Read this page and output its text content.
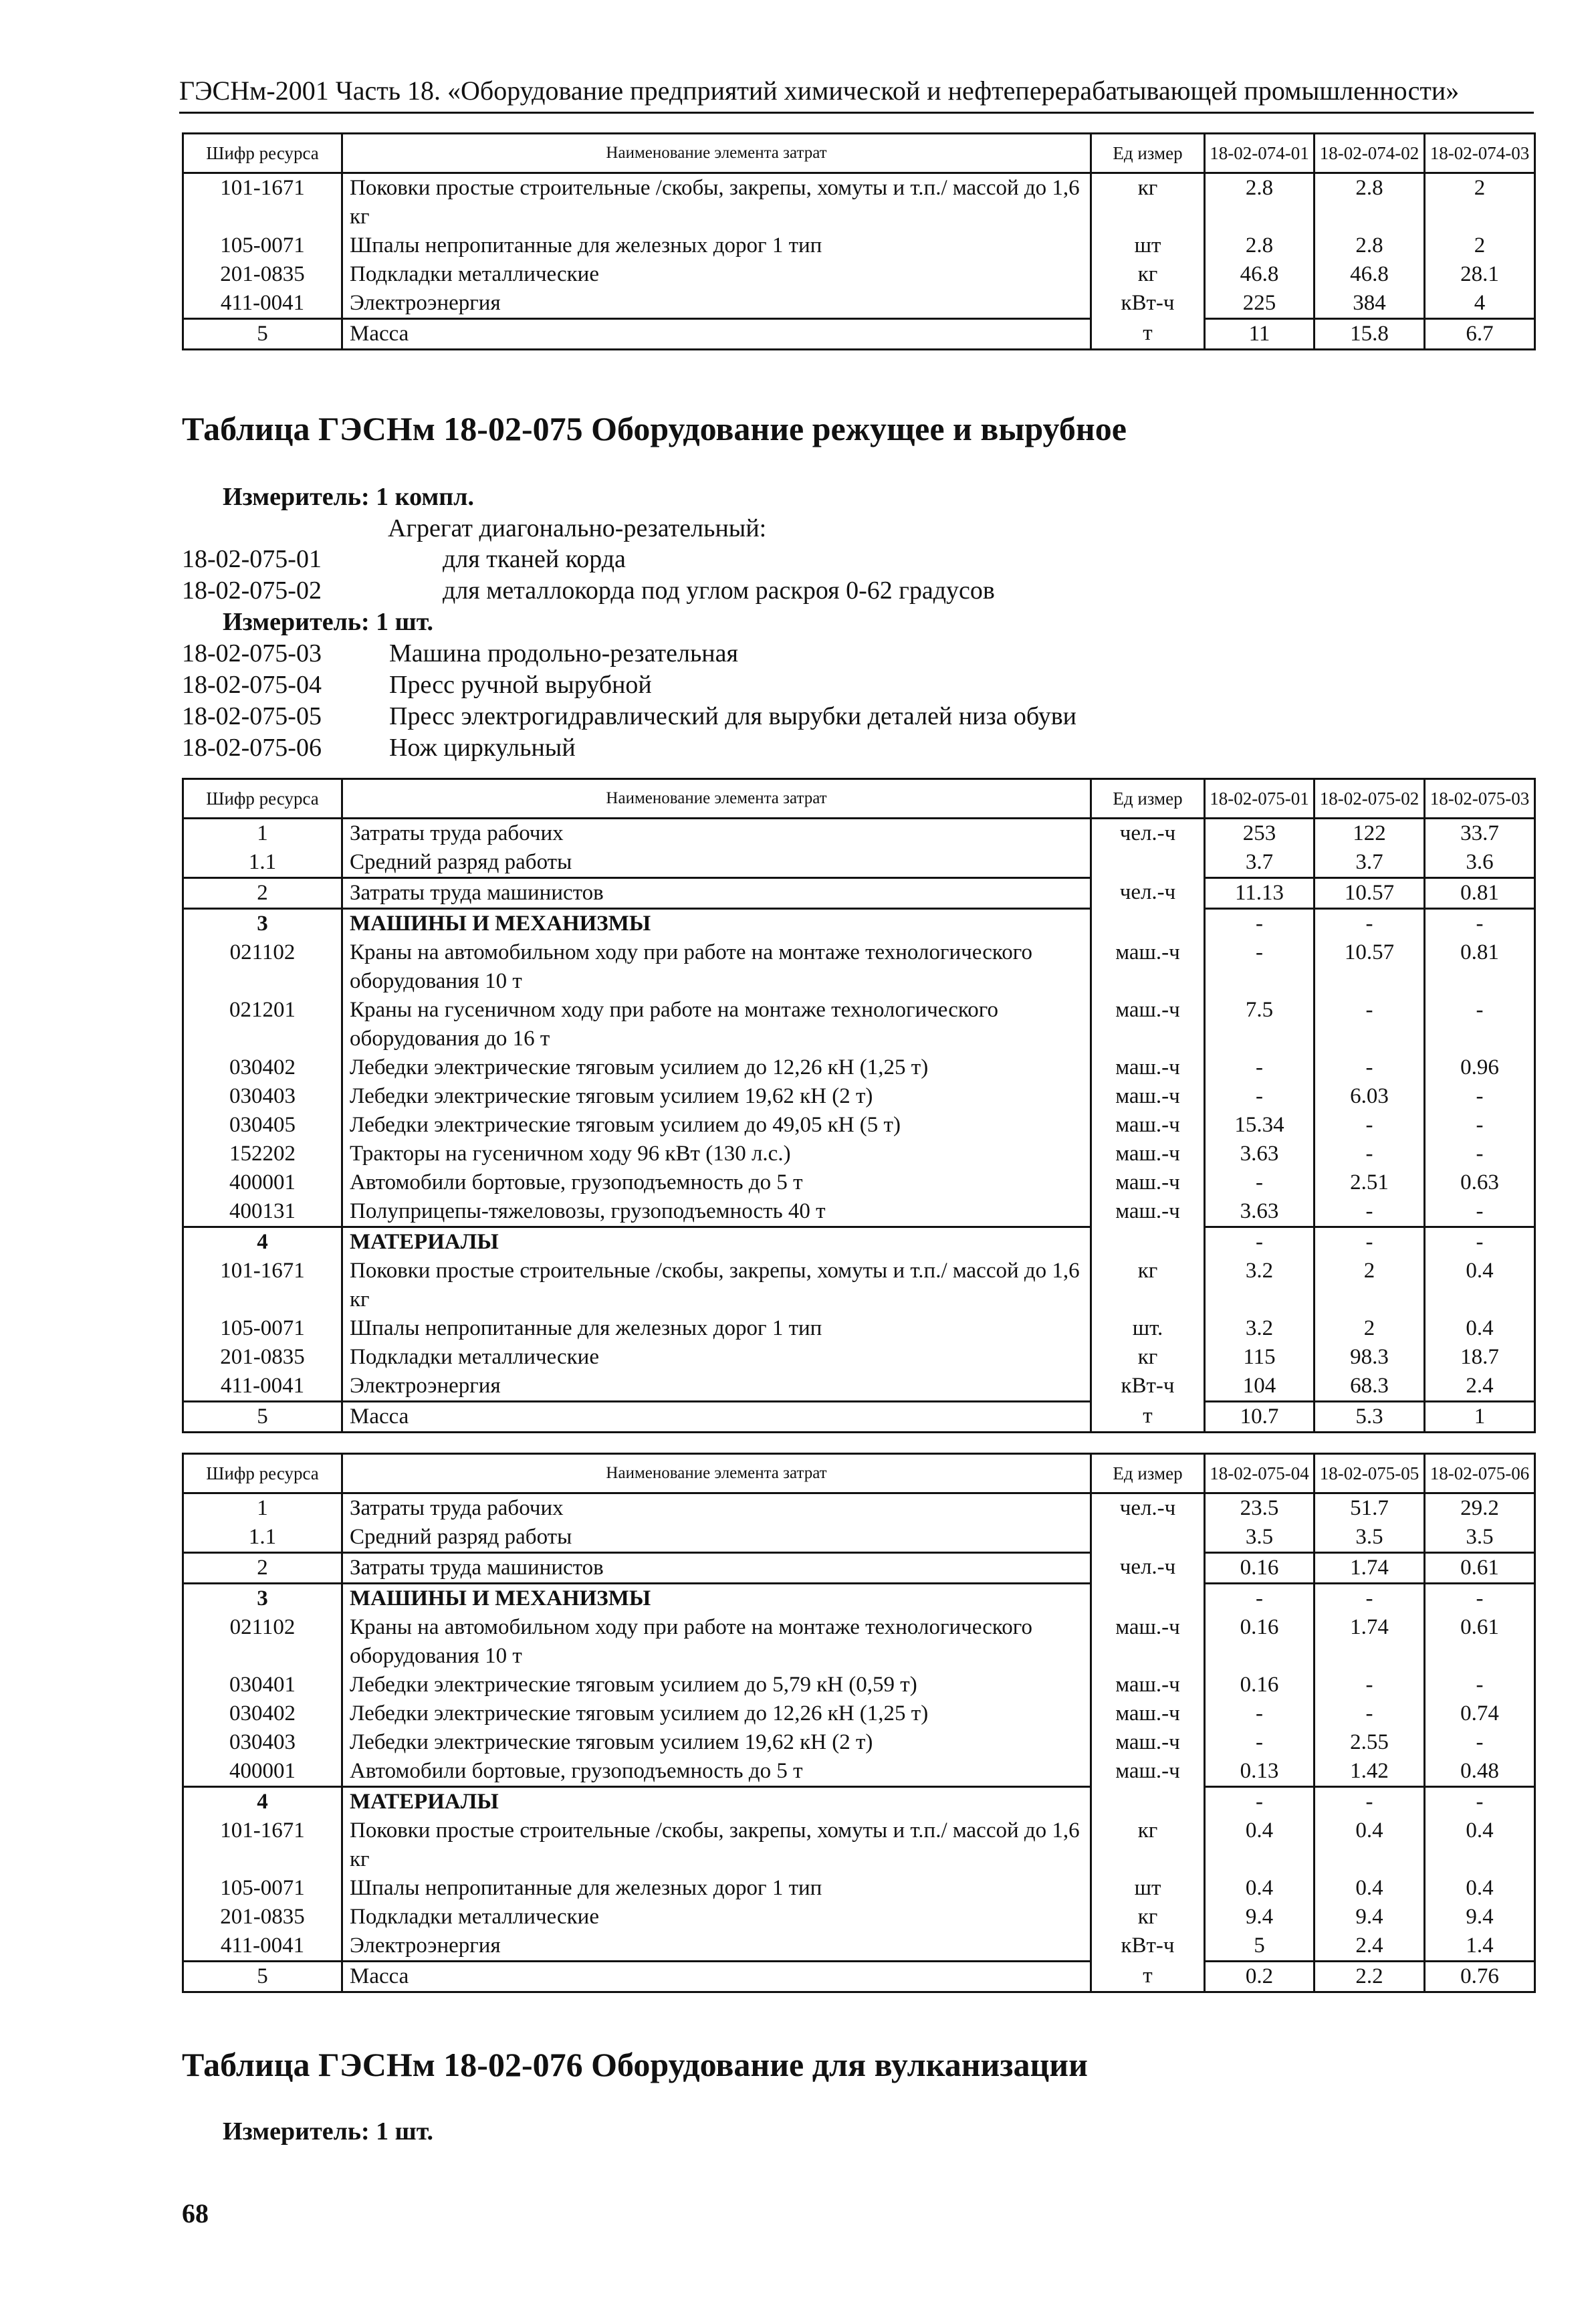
ГЭСНм-2001 Часть 18. «Оборудование предприятий химической и нефтеперерабатывающей промышленности»
Шифр ресурса	Наименование элемента затрат	Ед измер	18-02-074-01	18-02-074-02	18-02-074-03
101-1671	Поковки простые строительные /скобы, закрепы, хомуты и т.п./ массой до 1,6 кг	кг	2.8	2.8	2
105-0071	Шпалы непропитанные для железных дорог 1 тип	шт	2.8	2.8	2
201-0835	Подкладки металлические	кг	46.8	46.8	28.1
411-0041	Электроэнергия	кВт-ч	225	384	4
5	Масса	т	11	15.8	6.7
Таблица ГЭСНм 18-02-075 Оборудование режущее и вырубное
Измеритель: 1 компл.
Агрегат диагонально-резательный:
18-02-075-01	для тканей корда
18-02-075-02	для металлокорда под углом раскроя 0-62 градусов
Измеритель: 1 шт.
18-02-075-03	Машина продольно-резательная
18-02-075-04	Пресс ручной вырубной
18-02-075-05	Пресс электрогидравлический для вырубки деталей низа обуви
18-02-075-06	Нож циркульный
Шифр ресурса	Наименование элемента затрат	Ед измер	18-02-075-01	18-02-075-02	18-02-075-03
1	Затраты труда рабочих	чел.-ч	253	122	33.7
1.1	Средний разряд работы		3.7	3.7	3.6
2	Затраты труда машинистов	чел.-ч	11.13	10.57	0.81
3	МАШИНЫ И МЕХАНИЗМЫ		-	-	-
021102	Краны на автомобильном ходу при работе на монтаже технологического оборудования 10 т	маш.-ч	-	10.57	0.81
021201	Краны на гусеничном ходу при работе на монтаже технологического оборудования до 16 т	маш.-ч	7.5	-	-
030402	Лебедки электрические тяговым усилием до 12,26 кН (1,25 т)	маш.-ч	-	-	0.96
030403	Лебедки электрические тяговым усилием 19,62 кН (2 т)	маш.-ч	-	6.03	-
030405	Лебедки электрические тяговым усилием до 49,05 кН (5 т)	маш.-ч	15.34	-	-
152202	Тракторы на гусеничном ходу 96 кВт (130 л.с.)	маш.-ч	3.63	-	-
400001	Автомобили бортовые, грузоподъемность до 5 т	маш.-ч	-	2.51	0.63
400131	Полуприцепы-тяжеловозы, грузоподъемность 40 т	маш.-ч	3.63	-	-
4	МАТЕРИАЛЫ		-	-	-
101-1671	Поковки простые строительные /скобы, закрепы, хомуты и т.п./ массой до 1,6 кг	кг	3.2	2	0.4
105-0071	Шпалы непропитанные для железных дорог 1 тип	шт.	3.2	2	0.4
201-0835	Подкладки металлические	кг	115	98.3	18.7
411-0041	Электроэнергия	кВт-ч	104	68.3	2.4
5	Масса	т	10.7	5.3	1
Шифр ресурса	Наименование элемента затрат	Ед измер	18-02-075-04	18-02-075-05	18-02-075-06
1	Затраты труда рабочих	чел.-ч	23.5	51.7	29.2
1.1	Средний разряд работы		3.5	3.5	3.5
2	Затраты труда машинистов	чел.-ч	0.16	1.74	0.61
3	МАШИНЫ И МЕХАНИЗМЫ		-	-	-
021102	Краны на автомобильном ходу при работе на монтаже технологического оборудования 10 т	маш.-ч	0.16	1.74	0.61
030401	Лебедки электрические тяговым усилием до 5,79 кН (0,59 т)	маш.-ч	0.16	-	-
030402	Лебедки электрические тяговым усилием до 12,26 кН (1,25 т)	маш.-ч	-	-	0.74
030403	Лебедки электрические тяговым усилием 19,62 кН (2 т)	маш.-ч	-	2.55	-
400001	Автомобили бортовые, грузоподъемность до 5 т	маш.-ч	0.13	1.42	0.48
4	МАТЕРИАЛЫ		-	-	-
101-1671	Поковки простые строительные /скобы, закрепы, хомуты и т.п./ массой до 1,6 кг	кг	0.4	0.4	0.4
105-0071	Шпалы непропитанные для железных дорог 1 тип	шт	0.4	0.4	0.4
201-0835	Подкладки металлические	кг	9.4	9.4	9.4
411-0041	Электроэнергия	кВт-ч	5	2.4	1.4
5	Масса	т	0.2	2.2	0.76
Таблица ГЭСНм 18-02-076 Оборудование для вулканизации
Измеритель: 1 шт.
68
